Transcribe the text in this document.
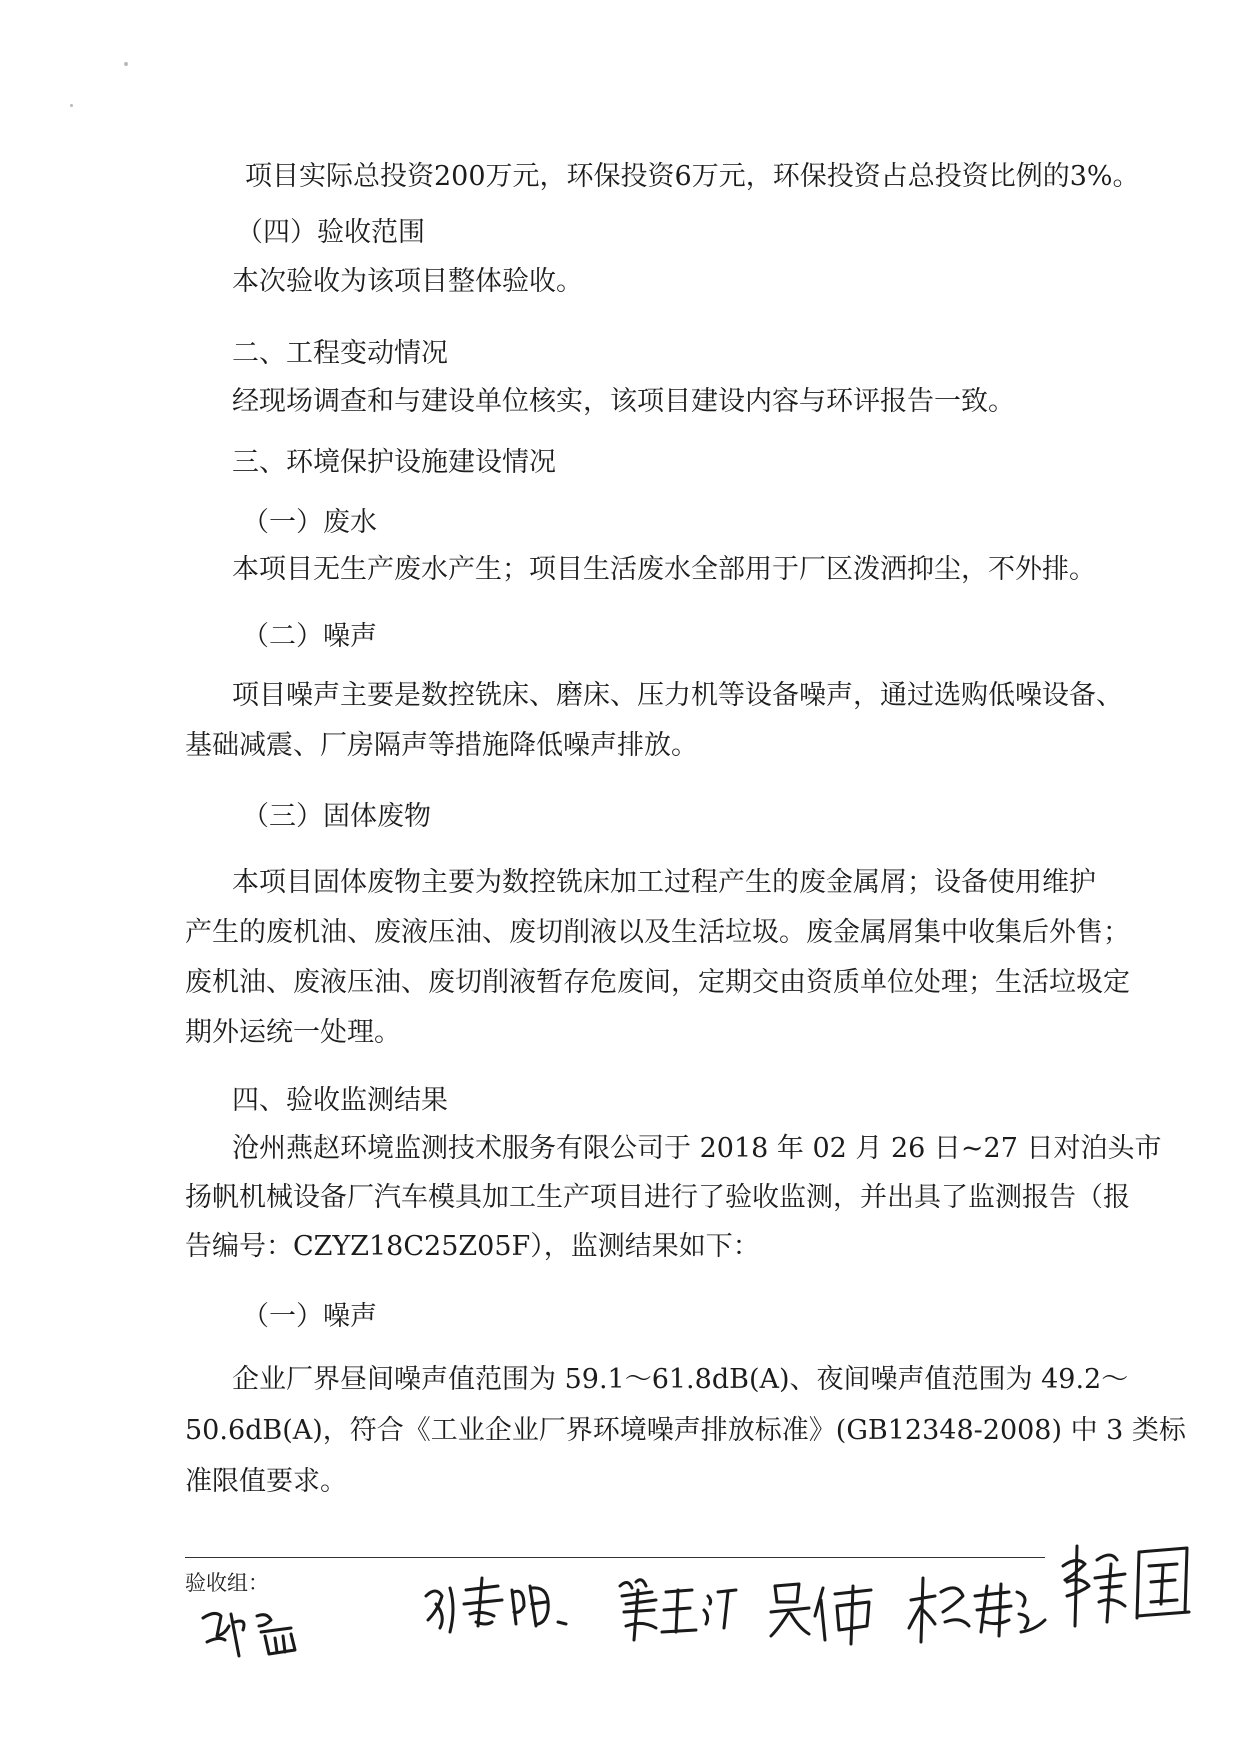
项目实际总投资200万元，环保投资6万元，环保投资占总投资比例的3%。

（四）验收范围

本次验收为该项目整体验收。

二、工程变动情况

经现场调查和与建设单位核实，该项目建设内容与环评报告一致。

三、环境保护设施建设情况

（一）废水

本项目无生产废水产生；项目生活废水全部用于厂区泼洒抑尘，不外排。

（二）噪声

项目噪声主要是数控铣床、磨床、压力机等设备噪声，通过选购低噪设备、

基础减震、厂房隔声等措施降低噪声排放。

（三）固体废物

本项目固体废物主要为数控铣床加工过程产生的废金属屑；设备使用维护

产生的废机油、废液压油、废切削液以及生活垃圾。废金属屑集中收集后外售；

废机油、废液压油、废切削液暂存危废间，定期交由资质单位处理；生活垃圾定

期外运统一处理。

四、验收监测结果

沧州燕赵环境监测技术服务有限公司于 2018 年 02 月 26 日~27 日对泊头市

扬帆机械设备厂汽车模具加工生产项目进行了验收监测，并出具了监测报告（报

告编号：CZYZ18C25Z05F），监测结果如下：

（一）噪声

企业厂界昼间噪声值范围为 59.1～61.8dB(A)、夜间噪声值范围为 49.2～

50.6dB(A)，符合《工业企业厂界环境噪声排放标准》(GB12348-2008) 中 3 类标

准限值要求。

验收组：
